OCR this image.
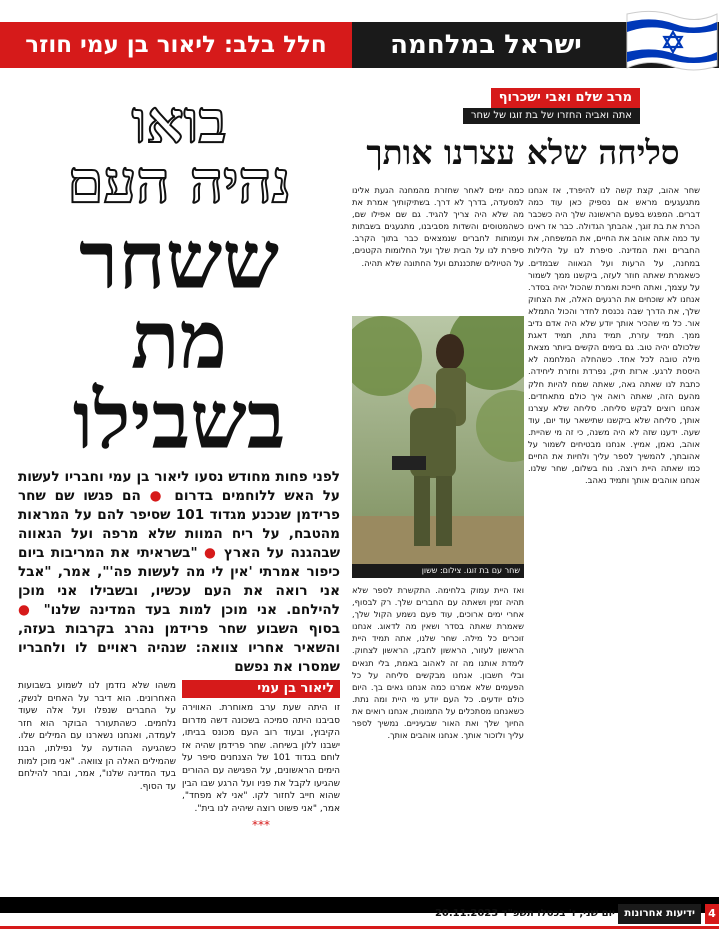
חלל בלב: ליאור בן עמי חוזר	ישראל במלחמה
בואו
נהיה העם
ששחר
מת
בשבילו
לפני פחות מחודש נסעו ליאור בן עמי וחבריו לעשות על האש ללוחמים בדרום ● הם פגשו שם שחר פרידמן שנכנע מגדוד 101 שסיפר להם על המראות מהטבח, על ריח המוות שלא מרפה ועל הגאווה שבהגנה על הארץ ● "בשראיתי את המריבות ביום כיפור אמרתי 'אין לי מה לעשות פה'", אמר, "אבל אני רואה את העם עכשיו, ובשבילו אני מוכן להילחם. אני מוכן למות בעד המדינה שלנו" ● בסוף השבוע שחר פרידמן נהרג בקרבות בעזה, והשאיר אחריו צוואה: שנהיה ראויים לו ולחבריו שמסרו את נפשם
ליאור בן עמי

זו היתה שעת ערב מאוחרת. האווירה סביבנו היתה סמיכה בשכונה דשה מדרום הקיבוץ, ובעוד רוב העם מכונס בביתו, ישבנו ללון בשיחה. שחר פרידמן שהיה אז לוחם בגדוד 101 של הצנחנים סיפר על הימים הראשונים, על הפגישה עם ההורים שהגיעו לקבל את פניו ועל הרגע שבו הבין שהוא חייב לחזור לקו. "אני לא מפחד", אמר, "אני פשוט רוצה שיהיה לנו בית".

***

משהו שלא נזדמן לנו לשמוע בשבועות האחרונים. הוא דיבר על האחים לנשק, על החברים שנפלו ועל אלה שעוד נלחמים. כשהתעורר הבוקר הוא חזר לעמדה, ואנחנו נשארנו עם המילים שלו. כשהגיעה ההודעה על נפילתו, הבנו שהמילים האלה הן צוואה. "אני מוכן למות בעד המדינה שלנו", אמר, ובחר להילחם עד הסוף.

מרב שלם ואבי ישכרוף
אתה ואביה החזרו של בת זוגו של שחר
סליחה שלא עצרנו אותך
שחר אהוב, קצת קשה לנו להיפרד, אז אנחנו מתגעגעים מראש אם נספיק כאן עוד כמה דברים. המפגש בפעם הראשונה שלך היה כשכבר הכרת את בת זוגך, אהבתך הגדולה. כבר אז ראינו עד כמה אתה אוהב את החיים, את המשפחה, את החברים ואת המדינה. סיפרת לנו על הלילות במחנה, על הרעות ועל הגאווה שבמדים. כשאמרת שאתה חוזר לעזה, ביקשנו ממך לשמור על עצמך, ואתה חייכת ואמרת שהכול יהיה בסדר. אנחנו לא שוכחים את הרגעים האלה, את הצחוק שלך, את הדרך שבה נכנסת לחדר והכול התמלא אור. כל מי שהכיר אותך יודע שלא היה אדם נדיב ממך. תמיד עזרת, תמיד נתת, תמיד דאגת שלכולם יהיה טוב. גם בימים הקשים ביותר מצאת מילה טובה לכל אחד. כשהחלה המלחמה לא היססת לרגע. ארזת תיק, נפרדת וחזרת ליחידה. כתבת לנו שאתה גאה, שאתה שמח להיות חלק מהעם הזה, שאתה רואה איך כולם מתאחדים. אנחנו רוצים לבקש סליחה. סליחה שלא עצרנו אותך, סליחה שלא ביקשנו שתישאר עוד יום, עוד שעה. ידענו שזה לא היה משנה, כי זה מי שהיית. אוהב, נאמן, אמיץ. אנחנו מבטיחים לשמור על אהובתך, להמשיך לספר עליך ולחיות את החיים כמו שאתה היית רוצה. נוח בשלום, שחר שלנו. אנחנו אוהבים אותך ותמיד נאהב.
כמה ימים לאחר שחזרת מהמחנה הגעת אלינו למסעדה, בדרך לא דרך. בשתיקותיך אמרת את מה שלא היה צריך להגיד. גם שם אפילו שם, כשהמטוסים והשדות מסביבנו, מתגעגים בשבתות ועמותות לחברים שנמצאים כבר בתוך הקרב. סיפרת לנו על הבית שלך ועל החלומות הקטנים, על הטיולים שתכננתם ועל החתונה שלא תהיה.
שחר עם בת זוגו. צילום: ששון
ואז היית עמוק בלחימה. התקשרת לספר שלא תהיה זמין ושאתה עם החברים שלך. רק לבסוף, אחרי ימים ארוכים, עוד פעם נשמע הקול שלך, שאמרת שאתה בסדר ושאין מה לדאוג. אנחנו זוכרים כל מילה. שחר שלנו, אתה תמיד היית הראשון לעזור, הראשון לחבק, הראשון לצחוק. לימדת אותנו מה זה לאהוב באמת, בלי תנאים ובלי חשבון. אנחנו מבקשים סליחה על כל הפעמים שלא אמרנו כמה אנחנו גאים בך. היום כולם יודעים. כל העם יודע מי היית ומה נתת. כשאנחנו מסתכלים על התמונות, אנחנו רואים את החיוך שלך ואת האור שבעיניים. נמשיך לספר עליך ולזכור אותך. אנחנו אוהבים אותך.
4
ידיעות אחרונות
יום שני, ז' בכסלו תשפ"ד 20.11.2023
